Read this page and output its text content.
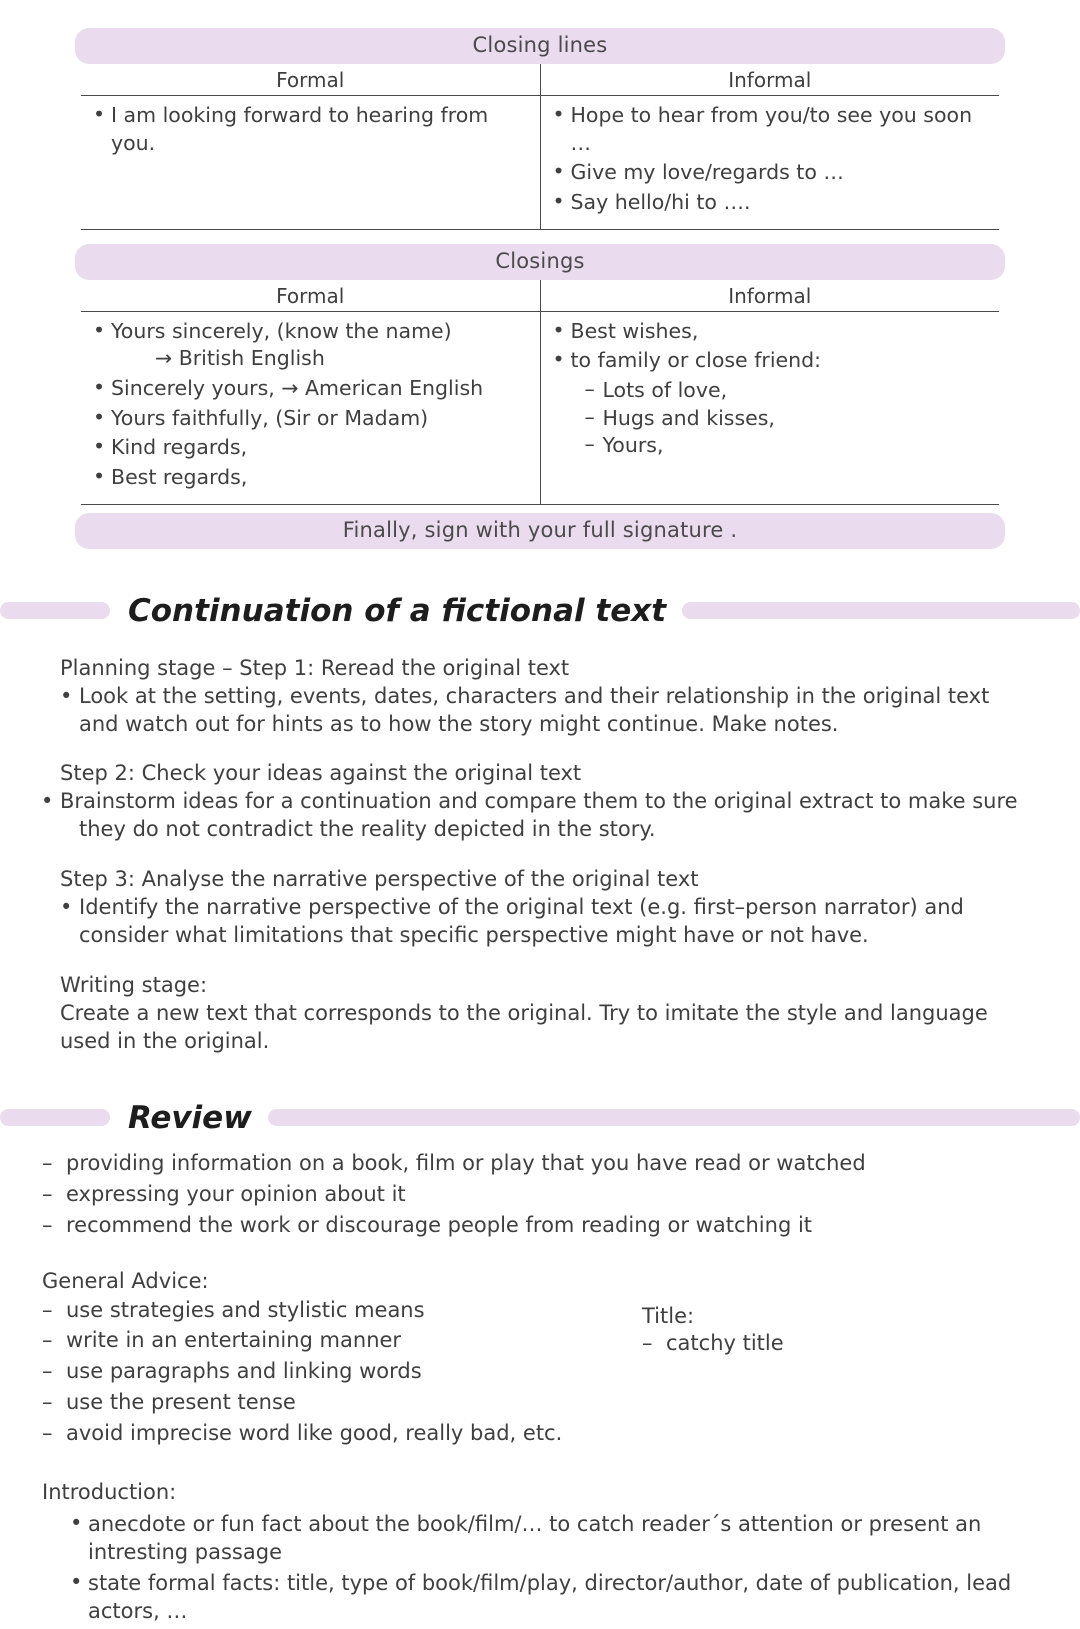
Closing lines
Formal	Informal
• I am looking forward to hearing from you.
• Hope to hear from you/to see you soon …
• Give my love/regards to …
• Say hello/hi to ….
Closings
Formal	Informal
• Yours sincerely, (know the name)
→ British English
• Sincerely yours, → American English
• Yours faithfully, (Sir or Madam)
• Kind regards,
• Best regards,
• Best wishes,
• to family or close friend:
– Lots of love,
– Hugs and kisses,
– Yours,
Finally, sign with your full signature .
Continuation of a fictional text

Planning stage – Step 1: Reread the original text

• Look at the setting, events, dates, characters and their relationship in the original text and watch out for hints as to how the story might continue. Make notes.

Step 2: Check your ideas against the original text

• Brainstorm ideas for a continuation and compare them to the original extract to make sure they do not contradict the reality depicted in the story.

Step 3: Analyse the narrative perspective of the original text

• Identify the narrative perspective of the original text (e.g. first–person narrator) and consider what limitations that specific perspective might have or not have.

Writing stage:

Create a new text that corresponds to the original. Try to imitate the style and language used in the original.

Review
– providing information on a book, film or play that you have read or watched
– expressing your opinion about it
– recommend the work or discourage people from reading or watching it
General Advice:
– use strategies and stylistic means
– write in an entertaining manner
– use paragraphs and linking words
– use the present tense
– avoid imprecise word like good, really bad, etc.
Title:
– catchy title
Introduction:
• anecdote or fun fact about the book/film/… to catch reader´s attention or present an intresting passage
• state formal facts: title, type of book/film/play, director/author, date of publication, lead actors, …
